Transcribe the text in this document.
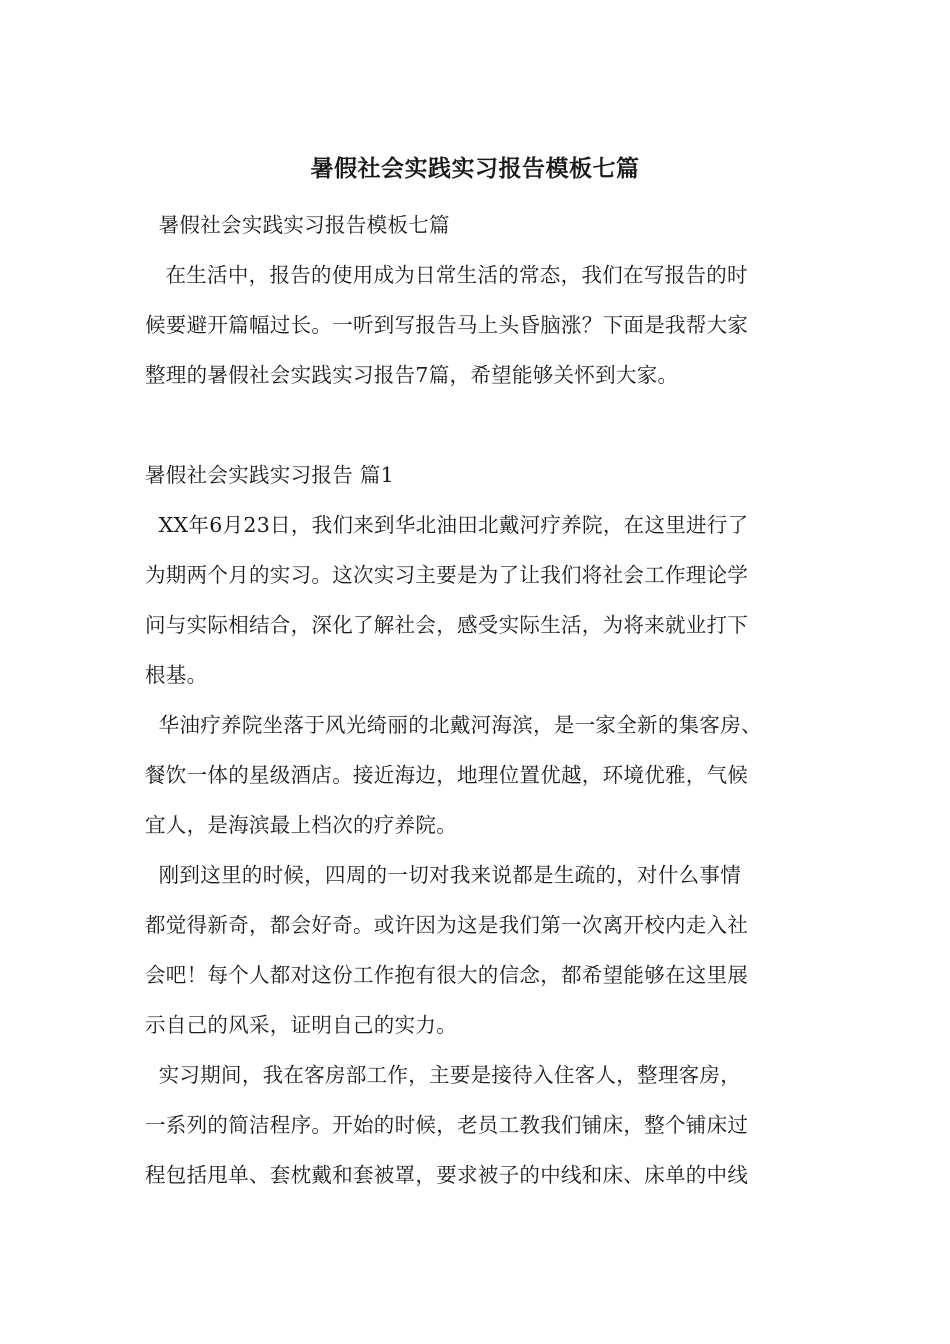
暑假社会实践实习报告模板七篇
暑假社会实践实习报告模板七篇
在生活中，报告的使用成为日常生活的常态，我们在写报告的时
候要避开篇幅过长。一听到写报告马上头昏脑涨？下面是我帮大家
整理的暑假社会实践实习报告7篇，希望能够关怀到大家。
暑假社会实践实习报告 篇1
XX年6月23日，我们来到华北油田北戴河疗养院，在这里进行了
为期两个月的实习。这次实习主要是为了让我们将社会工作理论学
问与实际相结合，深化了解社会，感受实际生活，为将来就业打下
根基。
华油疗养院坐落于风光绮丽的北戴河海滨，是一家全新的集客房、
餐饮一体的星级酒店。接近海边，地理位置优越，环境优雅，气候
宜人，是海滨最上档次的疗养院。
刚到这里的时候，四周的一切对我来说都是生疏的，对什么事情
都觉得新奇，都会好奇。或许因为这是我们第一次离开校内走入社
会吧！每个人都对这份工作抱有很大的信念，都希望能够在这里展
示自己的风采，证明自己的实力。
实习期间，我在客房部工作，主要是接待入住客人，整理客房，
一系列的简洁程序。开始的时候，老员工教我们铺床，整个铺床过
程包括甩单、套枕戴和套被罩，要求被子的中线和床、床单的中线
